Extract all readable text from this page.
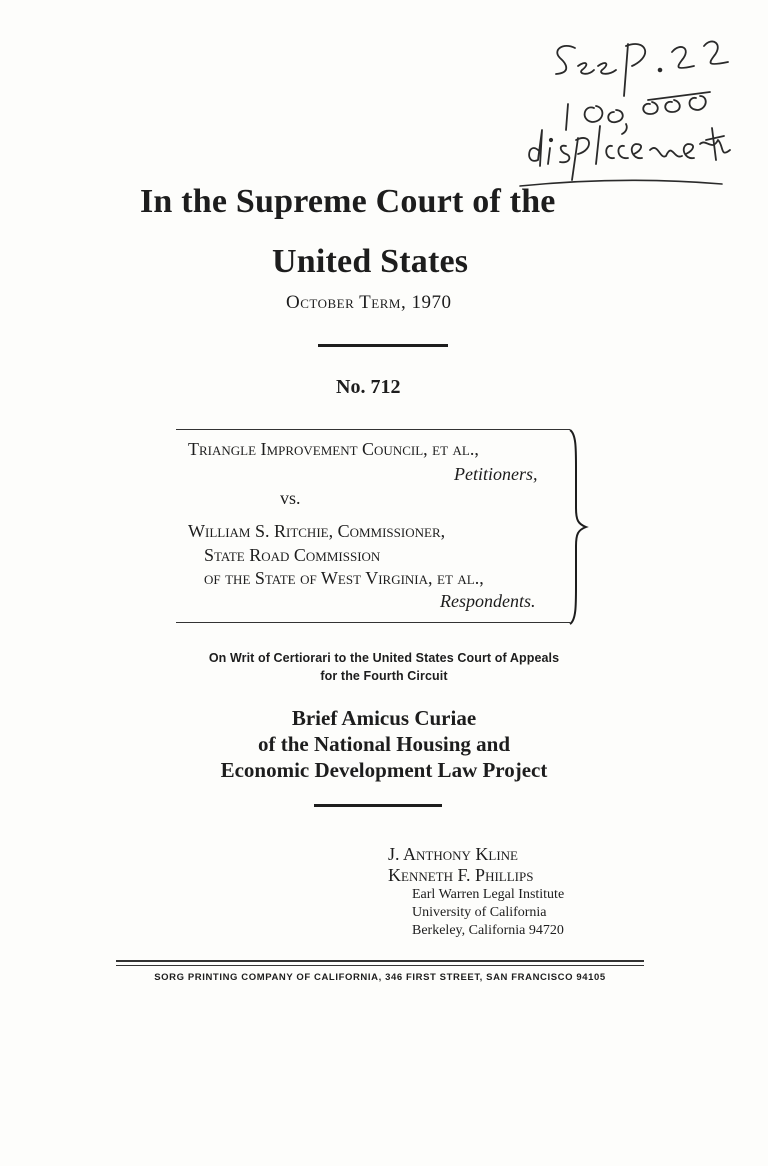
In the Supreme Court of the
United States
October Term, 1970
No. 712
Triangle Improvement Council, et al.,
Petitioners,
vs.
William S. Ritchie, Commissioner,
State Road Commission
of the State of West Virginia, et al.,
Respondents.
On Writ of Certiorari to the United States Court of Appeals
for the Fourth Circuit
Brief Amicus Curiae
of the National Housing and
Economic Development Law Project
J. Anthony Kline
Kenneth F. Phillips
Earl Warren Legal Institute
University of California
Berkeley, California 94720
SORG PRINTING COMPANY OF CALIFORNIA, 346 FIRST STREET, SAN FRANCISCO 94105
